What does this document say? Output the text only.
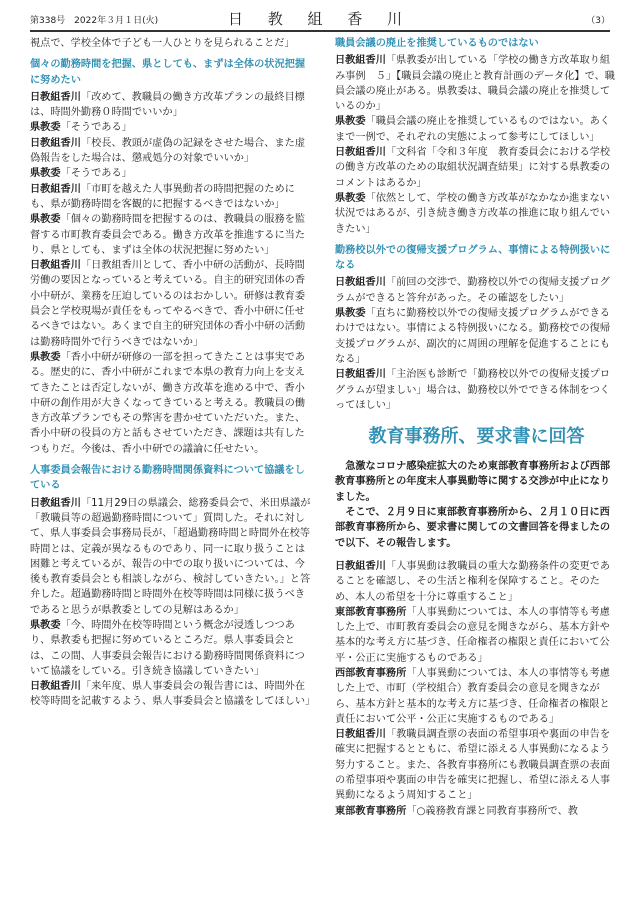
第338号　2022年３月１日(火)	日 教 組 香 川	（3）

視点で、学校全体で子ども一人ひとりを見られることだ」

個々の勤務時間を把握、県としても、まずは全体の状況把握に努めたい

日教組香川「改めて、教職員の働き方改革プランの最終目標は、時間外勤務０時間でいいか」

県教委「そうである」

日教組香川「校長、教頭が虚偽の記録をさせた場合、また虚偽報告をした場合は、懲戒処分の対象でいいか」

県教委「そうである」

日教組香川「市町を越えた人事異動者の時間把握のためにも、県が勤務時間を客観的に把握するべきではないか」

県教委「個々の勤務時間を把握するのは、教職員の服務を監督する市町教育委員会である。働き方改革を推進するに当たり、県としても、まずは全体の状況把握に努めたい」

日教組香川「日教組香川として、香小中研の活動が、長時間労働の要因となっていると考えている。自主的研究団体の香小中研が、業務を圧迫しているのはおかしい。研修は教育委員会と学校現場が責任をもってやるべきで、香小中研に任せるべきではない。あくまで自主的研究団体の香小中研の活動は勤務時間外で行うべきではないか」

県教委「香小中研が研修の一部を担ってきたことは事実である。歴史的に、香小中研がこれまで本県の教育力向上を支えてきたことは否定しないが、働き方改革を進める中で、香小中研の創作用が大きくなってきていると考える。教職員の働き方改革プランでもその弊害を書かせていただいた。また、香小中研の役員の方と話もさせていただき、課題は共有したつもりだ。今後は、香小中研での議論に任せたい。

人事委員会報告における勤務時間関係資料について協議をしている

日教組香川「11月29日の県議会、総務委員会で、米田県議が「教職員等の超過勤務時間について」質問した。それに対して、県人事委員会事務局長が、「超過勤務時間と時間外在校等時間とは、定義が異なるものであり、同一に取り扱うことは困難と考えているが、報告の中での取り扱いについては、今後も教育委員会とも相談しながら、検討していきたい。」と答弁した。超過勤務時間と時間外在校等時間は同様に扱うべきであると思うが県教委としての見解はあるか」

県教委「今、時間外在校等時間という概念が浸透しつつあり、県教委も把握に努めているところだ。県人事委員会とは、この間、人事委員会報告における勤務時間関係資料について協議をしている。引き続き協議していきたい」

日教組香川「来年度、県人事委員会の報告書には、時間外在校等時間を記載するよう、県人事委員会と協議をしてほしい」

職員会議の廃止を推奨しているものではない

日教組香川「県教委が出している「学校の働き方改革取り組み事例　５」【職員会議の廃止と教育計画のデータ化】で、職員会議の廃止がある。県教委は、職員会議の廃止を推奨しているのか」

県教委「職員会議の廃止を推奨しているものではない。あくまで一例で、それぞれの実態によって参考にしてほしい」

日教組香川「文科省「令和３年度　教育委員会における学校の働き方改革のための取組状況調査結果」に対する県教委のコメントはあるか」

県教委「依然として、学校の働き方改革がなかなか進まない状況ではあるが、引き続き働き方改革の推進に取り組んでいきたい」

勤務校以外での復帰支援プログラム、事情による特例扱いになる

日教組香川「前回の交渉で、勤務校以外での復帰支援プログラムができると答弁があった。その確認をしたい」

県教委「直ちに勤務校以外での復帰支援プログラムができるわけではない。事情による特例扱いになる。勤務校での復帰支援プログラムが、副次的に周囲の理解を促進することにもなる」

日教組香川「主治医も診断で「勤務校以外での復帰支援プログラムが望ましい」場合は、勤務校以外でできる体制をつくってほしい」

教育事務所、要求書に回答

急激なコロナ感染症拡大のため東部教育事務所および西部教育事務所との年度末人事異動等に関する交渉が中止になりました。

そこで、２月９日に東部教育事務所から、２月１０日に西部教育事務所から、要求書に関しての文書回答を得ましたので以下、その報告します。

日教組香川「人事異動は教職員の重大な勤務条件の変更であることを確認し、その生活と権利を保障すること。そのため、本人の希望を十分に尊重すること」

東部教育事務所「人事異動については、本人の事情等も考慮した上で、市町教育委員会の意見を聞きながら、基本方針や基本的な考え方に基づき、任命権者の権限と責任において公平・公正に実施するものである」

西部教育事務所「人事異動については、本人の事情等も考慮した上で、市町（学校組合）教育委員会の意見を聞きながら、基本方針と基本的な考え方に基づき、任命権者の権限と責任において公平・公正に実施するものである」

日教組香川「教職員調査票の表面の希望事項や裏面の申告を確実に把握するとともに、希望に添える人事異動になるよう努力すること。また、各教育事務所にも教職員調査票の表面の希望事項や裏面の申告を確実に把握し、希望に添える人事異動になるよう周知すること」

東部教育事務所「○義務教育課と同教育事務所で、教
